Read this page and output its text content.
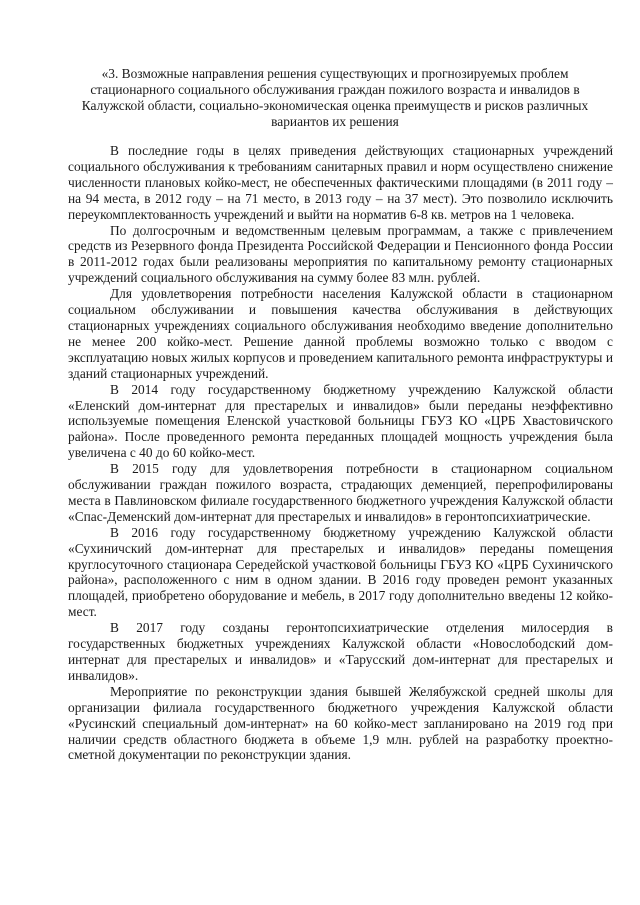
«3. Возможные направления решения существующих и прогнозируемых проблем стационарного социального обслуживания граждан пожилого возраста и инвалидов в Калужской области, социально-экономическая оценка преимуществ и рисков различных вариантов их решения

В последние годы в целях приведения действующих стационарных учреждений социального обслуживания к требованиям санитарных правил и норм осуществлено снижение численности плановых койко-мест, не обеспеченных фактическими площадями (в 2011 году – на 94 места, в 2012 году – на 71 место, в 2013 году – на 37 мест). Это позволило исключить переукомплектованность учреждений и выйти на норматив 6-8 кв. метров на 1 человека.

По долгосрочным и ведомственным целевым программам, а также с привлечением средств из Резервного фонда Президента Российской Федерации и Пенсионного фонда России в 2011-2012 годах были реализованы мероприятия по капитальному ремонту стационарных учреждений социального обслуживания на сумму более 83 млн. рублей.

Для удовлетворения потребности населения Калужской области в стационарном социальном обслуживании и повышения качества обслуживания в действующих стационарных учреждениях социального обслуживания необходимо введение дополнительно не менее 200 койко-мест. Решение данной проблемы возможно только с вводом с эксплуатацию новых жилых корпусов и проведением капитального ремонта инфраструктуры и зданий стационарных учреждений.

В 2014 году государственному бюджетному учреждению Калужской области «Еленский дом-интернат для престарелых и инвалидов» были переданы неэффективно используемые помещения Еленской участковой больницы ГБУЗ КО «ЦРБ Хвастовичского района». После проведенного ремонта переданных площадей мощность учреждения была увеличена с 40 до 60 койко-мест.

В 2015 году для удовлетворения потребности в стационарном социальном обслуживании граждан пожилого возраста, страдающих деменцией, перепрофилированы места в Павлиновском филиале государственного бюджетного учреждения Калужской области «Спас-Деменский дом-интернат для престарелых и инвалидов» в геронтопсихиатрические.

В 2016 году государственному бюджетному учреждению Калужской области «Сухиничский дом-интернат для престарелых и инвалидов» переданы помещения круглосуточного стационара Середейской участковой больницы ГБУЗ КО «ЦРБ Сухиничского района», расположенного с ним в одном здании. В 2016 году проведен ремонт указанных площадей, приобретено оборудование и мебель, в 2017 году дополнительно введены 12 койко-мест.

В 2017 году созданы геронтопсихиатрические отделения милосердия в государственных бюджетных учреждениях Калужской области «Новослободский дом-интернат для престарелых и инвалидов» и «Тарусский дом-интернат для престарелых и инвалидов».

Мероприятие по реконструкции здания бывшей Желябужской средней школы для организации филиала государственного бюджетного учреждения Калужской области «Русинский специальный дом-интернат» на 60 койко-мест запланировано на 2019 год при наличии средств областного бюджета в объеме 1,9 млн. рублей на разработку проектно-сметной документации по реконструкции здания.
